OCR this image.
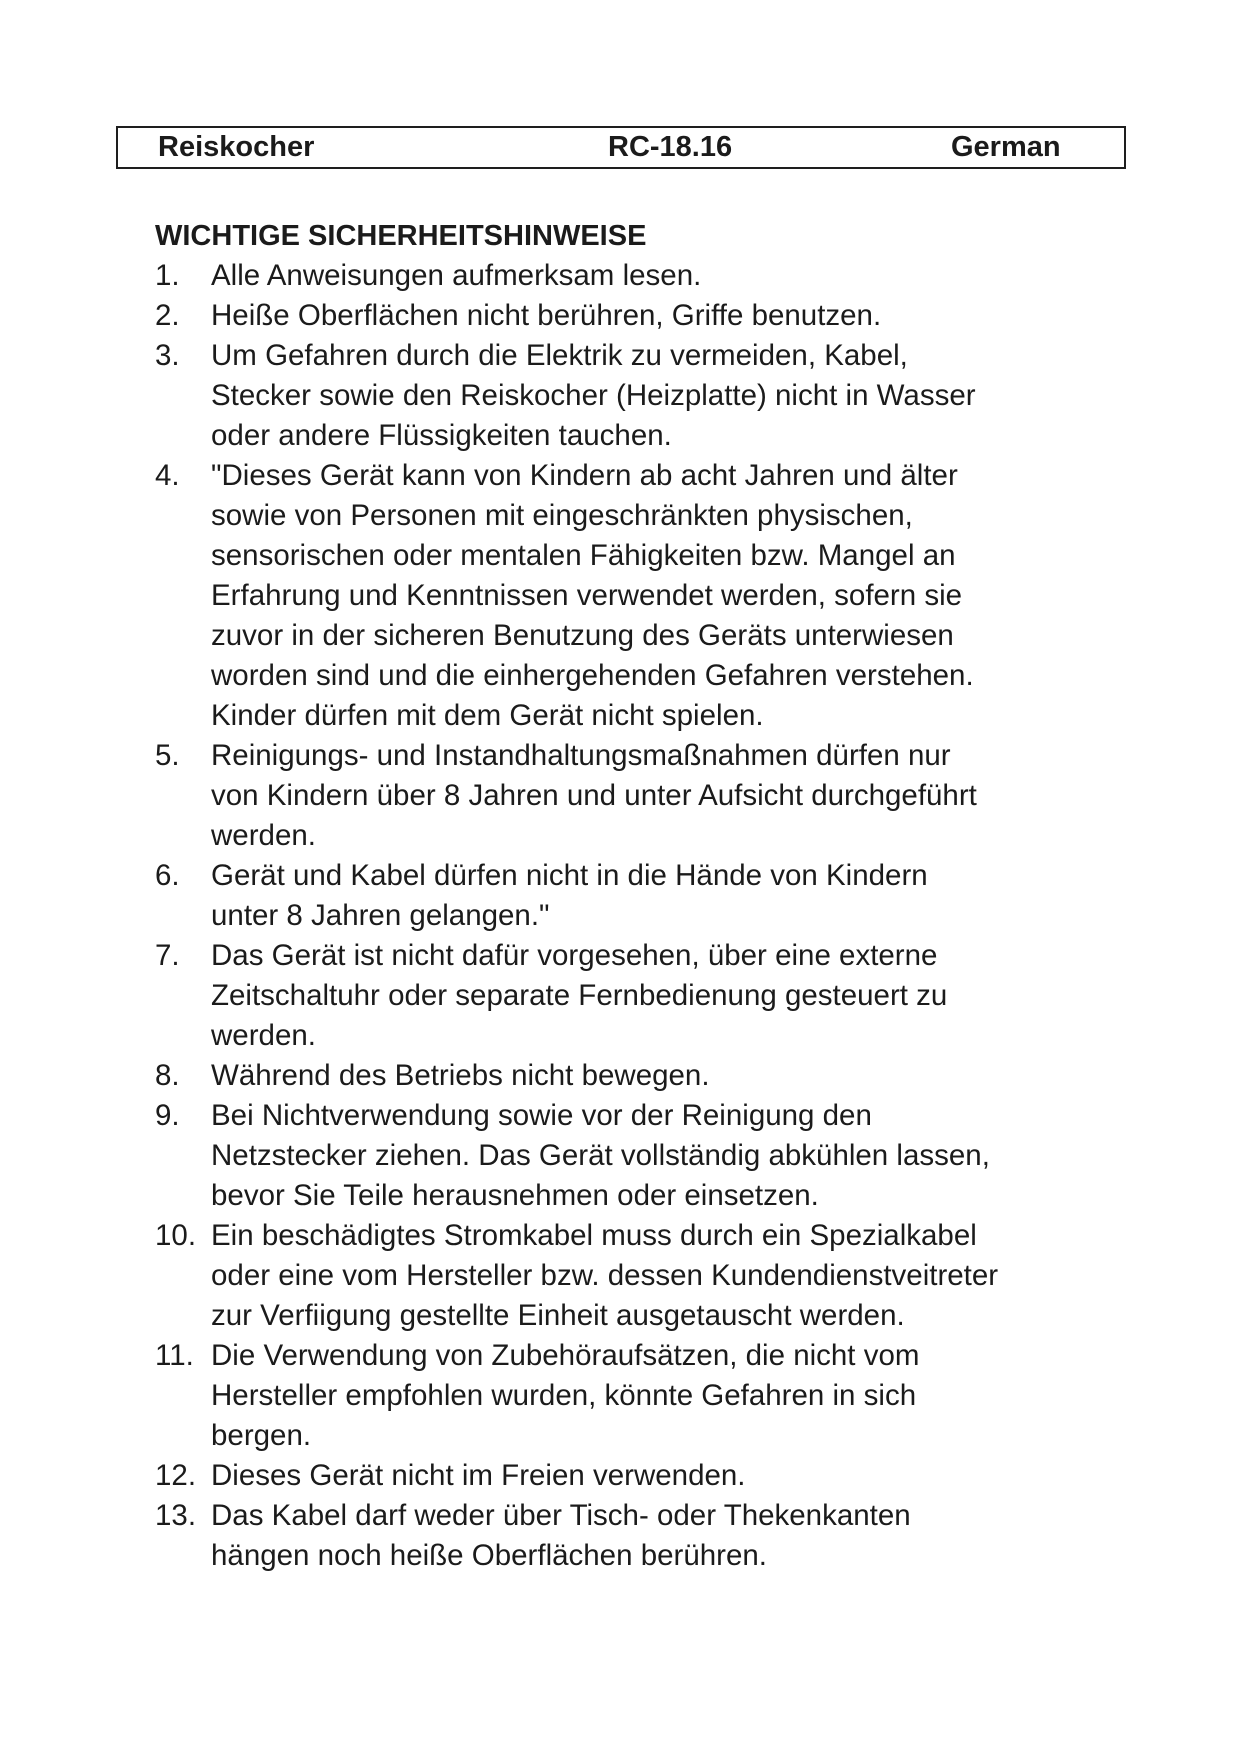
Reiskocher	RC-18.16	German
WICHTIGE SICHERHEITSHINWEISE
1. Alle Anweisungen aufmerksam lesen.
2. Heiße Oberflächen nicht berühren, Griffe benutzen.
3. Um Gefahren durch die Elektrik zu vermeiden, Kabel,
Stecker sowie den Reiskocher (Heizplatte) nicht in Wasser
oder andere Flüssigkeiten tauchen.
4. "Dieses Gerät kann von Kindern ab acht Jahren und älter
sowie von Personen mit eingeschränkten physischen,
sensorischen oder mentalen Fähigkeiten bzw. Mangel an
Erfahrung und Kenntnissen verwendet werden, sofern sie
zuvor in der sicheren Benutzung des Geräts unterwiesen
worden sind und die einhergehenden Gefahren verstehen.
Kinder dürfen mit dem Gerät nicht spielen.
5. Reinigungs- und Instandhaltungsmaßnahmen dürfen nur
von Kindern über 8 Jahren und unter Aufsicht durchgeführt
werden.
6. Gerät und Kabel dürfen nicht in die Hände von Kindern
unter 8 Jahren gelangen."
7. Das Gerät ist nicht dafür vorgesehen, über eine externe
Zeitschaltuhr oder separate Fernbedienung gesteuert zu
werden.
8. Während des Betriebs nicht bewegen.
9. Bei Nichtverwendung sowie vor der Reinigung den
Netzstecker ziehen. Das Gerät vollständig abkühlen lassen,
bevor Sie Teile herausnehmen oder einsetzen.
10. Ein beschädigtes Stromkabel muss durch ein Spezialkabel
oder eine vom Hersteller bzw. dessen Kundendienstveitreter
zur Verfiigung gestellte Einheit ausgetauscht werden.
11. Die Verwendung von Zubehöraufsätzen, die nicht vom
Hersteller empfohlen wurden, könnte Gefahren in sich
bergen.
12. Dieses Gerät nicht im Freien verwenden.
13. Das Kabel darf weder über Tisch- oder Thekenkanten
hängen noch heiße Oberflächen berühren.
